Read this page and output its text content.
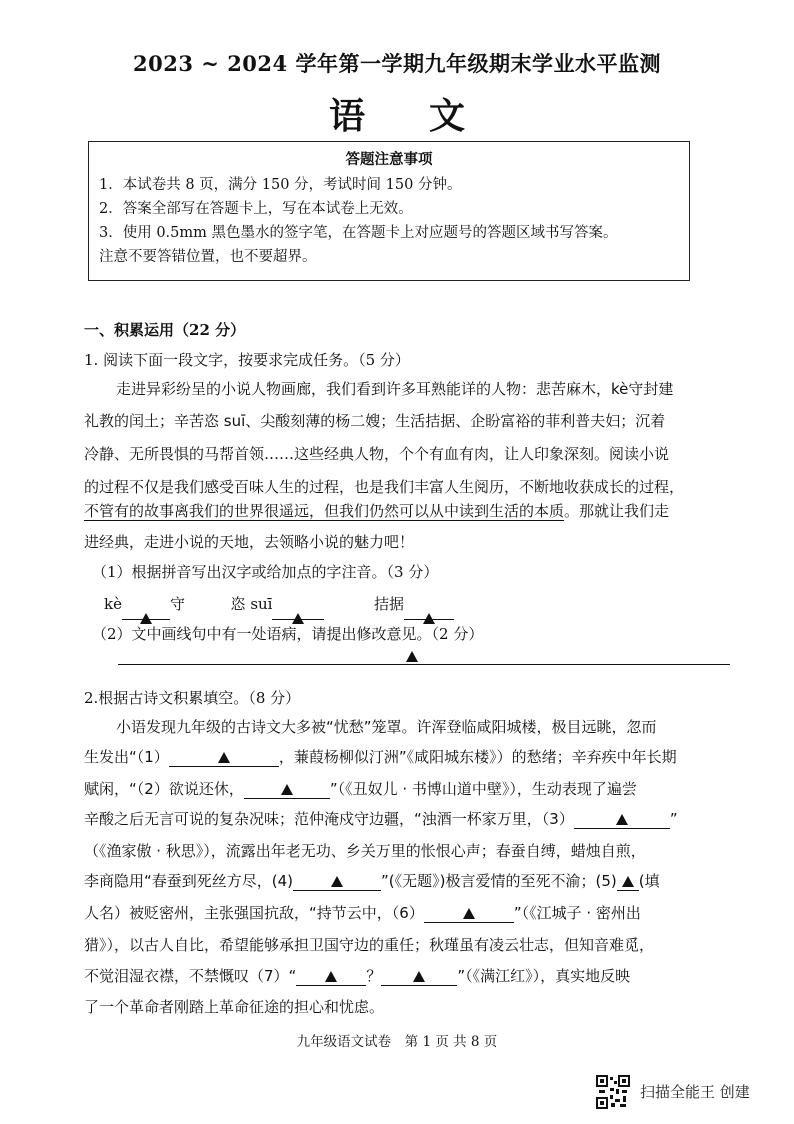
2023 ~ 2024 学年第一学期九年级期末学业水平监测
语文
答题注意事项
1．本试卷共 8 页，满分 150 分，考试时间 150 分钟。
2．答案全部写在答题卡上，写在本试卷上无效。
3．使用 0.5mm 黑色墨水的签字笔，在答题卡上对应题号的答题区域书写答案。
注意不要答错位置，也不要超界。
一、积累运用（22 分）
1. 阅读下面一段文字，按要求完成任务。（5 分）
走进异彩纷呈的小说人物画廊，我们看到许多耳熟能详的人物：悲苦麻木，kè守封建
礼教的闰土；辛苦恣 suī、尖酸刻薄的杨二嫂；生活拮据、企盼富裕的菲利普夫妇；沉着
冷静、无所畏惧的马帮首领……这些经典人物，个个有血有肉，让人印象深刻。阅读小说
的过程不仅是我们感受百味人生的过程，也是我们丰富人生阅历，不断地收获成长的过程，
不管有的故事离我们的世界很遥远，但我们仍然可以从中读到生活的本质。那就让我们走
进经典，走进小说的天地，去领略小说的魅力吧！
（1）根据拼音写出汉字或给加点的字注音。（3 分）
kè	守	恣 suī	拮据
（2）文中画线句中有一处语病，请提出修改意见。（2 分）
2.根据古诗文积累填空。（8 分）
小语发现九年级的古诗文大多被“忧愁”笼罩。许浑登临咸阳城楼，极目远眺，忽而
生发出“（1）	，蒹葭杨柳似汀洲”《咸阳城东楼》）的愁绪；辛弃疾中年长期
赋闲，“（2）欲说还休，	”（《丑奴儿 · 书博山道中壁》），生动表现了遍尝
辛酸之后无言可说的复杂况味；范仲淹戍守边疆，“浊酒一杯家万里，（3）	”
（《渔家傲 · 秋思》），流露出年老无功、乡关万里的怅恨心声；春蚕自缚，蜡烛自煎，
李商隐用“春蚕到死丝方尽，(4)	”(《无题》)极言爱情的至死不渝；(5) (填
人名）被贬密州，主张强国抗敌，“持节云中，（6）	”（《江城子 · 密州出
猎》），以古人自比，希望能够承担卫国守边的重任；秋瑾虽有凌云壮志，但知音难觅，
不觉泪湿衣襟，不禁慨叹（7）“	？	”（《满江红》），真实地反映
了一个革命者刚踏上革命征途的担心和忧虑。
九年级语文试卷　第 1 页 共 8 页
扫描全能王 创建
